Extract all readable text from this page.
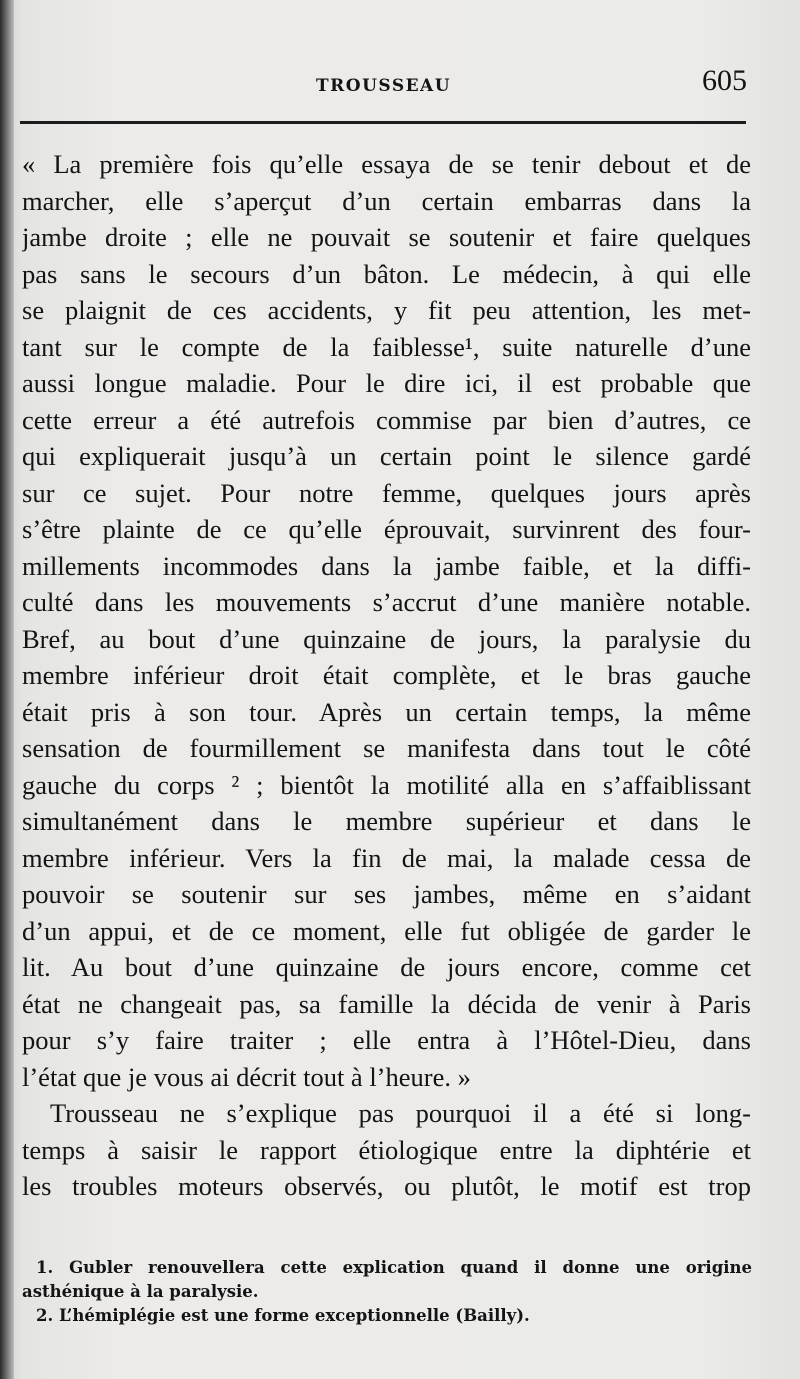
TROUSSEAU	605
« La première fois qu’elle essaya de se tenir debout et de
marcher, elle s’aperçut d’un certain embarras dans la
jambe droite ; elle ne pouvait se soutenir et faire quelques
pas sans le secours d’un bâton. Le médecin, à qui elle
se plaignit de ces accidents, y fit peu attention, les met-
tant sur le compte de la faiblesse¹, suite naturelle d’une
aussi longue maladie. Pour le dire ici, il est probable que
cette erreur a été autrefois commise par bien d’autres, ce
qui expliquerait jusqu’à un certain point le silence gardé
sur ce sujet. Pour notre femme, quelques jours après
s’être plainte de ce qu’elle éprouvait, survinrent des four-
millements incommodes dans la jambe faible, et la diffi-
culté dans les mouvements s’accrut d’une manière notable.
Bref, au bout d’une quinzaine de jours, la paralysie du
membre inférieur droit était complète, et le bras gauche
était pris à son tour. Après un certain temps, la même
sensation de fourmillement se manifesta dans tout le côté
gauche du corps ² ; bientôt la motilité alla en s’affaiblissant
simultanément dans le membre supérieur et dans le
membre inférieur. Vers la fin de mai, la malade cessa de
pouvoir se soutenir sur ses jambes, même en s’aidant
d’un appui, et de ce moment, elle fut obligée de garder le
lit. Au bout d’une quinzaine de jours encore, comme cet
état ne changeait pas, sa famille la décida de venir à Paris
pour s’y faire traiter ; elle entra à l’Hôtel-Dieu, dans
l’état que je vous ai décrit tout à l’heure. »
Trousseau ne s’explique pas pourquoi il a été si long-
temps à saisir le rapport étiologique entre la diphtérie et
les troubles moteurs observés, ou plutôt, le motif est trop
1. Gubler renouvellera cette explication quand il donne une origine
asthénique à la paralysie.
2. L’hémiplégie est une forme exceptionnelle (Bailly).
